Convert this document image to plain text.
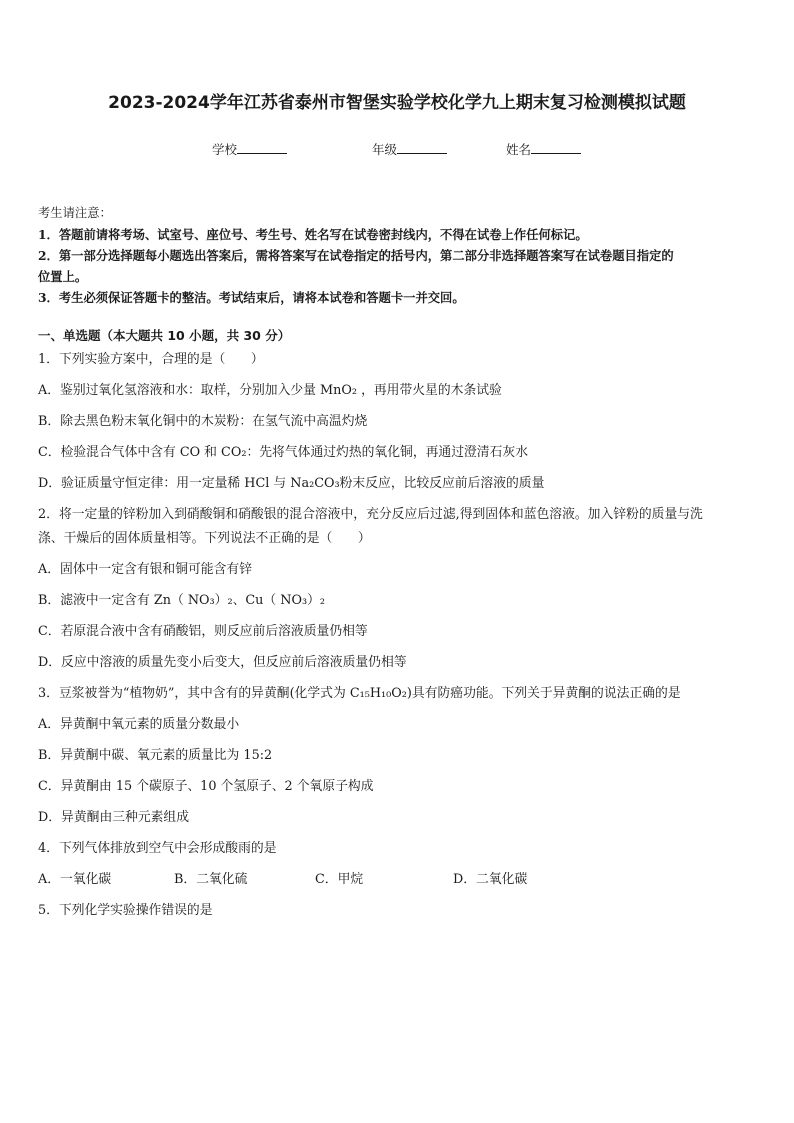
2023-2024学年江苏省泰州市智堡实验学校化学九上期末复习检测模拟试题
学校	年级	姓名
考生请注意：
1．答题前请将考场、试室号、座位号、考生号、姓名写在试卷密封线内，不得在试卷上作任何标记。
2．第一部分选择题每小题选出答案后，需将答案写在试卷指定的括号内，第二部分非选择题答案写在试卷题目指定的
位置上。
3．考生必须保证答题卡的整洁。考试结束后，请将本试卷和答题卡一并交回。
一、单选题（本大题共 10 小题，共 30 分）
1．下列实验方案中，合理的是（　　）
A．鉴别过氧化氢溶液和水：取样，分别加入少量 MnO₂ ，再用带火星的木条试验
B．除去黑色粉末氧化铜中的木炭粉：在氢气流中高温灼烧
C．检验混合气体中含有 CO 和 CO₂：先将气体通过灼热的氧化铜，再通过澄清石灰水
D．验证质量守恒定律：用一定量稀 HCl 与 Na₂CO₃粉末反应，比较反应前后溶液的质量
2．将一定量的锌粉加入到硝酸铜和硝酸银的混合溶液中，充分反应后过滤,得到固体和蓝色溶液。加入锌粉的质量与洗
涤、干燥后的固体质量相等。下列说法不正确的是（　　）
A．固体中一定含有银和铜可能含有锌
B．滤液中一定含有 Zn（ NO₃）₂、Cu（ NO₃）₂
C．若原混合液中含有硝酸铝，则反应前后溶液质量仍相等
D．反应中溶液的质量先变小后变大，但反应前后溶液质量仍相等
3．豆浆被誉为“植物奶”，其中含有的异黄酮(化学式为 C₁₅H₁₀O₂)具有防癌功能。下列关于异黄酮的说法正确的是
A．异黄酮中氧元素的质量分数最小
B．异黄酮中碳、氧元素的质量比为 15:2
C．异黄酮由 15 个碳原子、10 个氢原子、2 个氧原子构成
D．异黄酮由三种元素组成
4．下列气体排放到空气中会形成酸雨的是
A．一氧化碳	B．二氧化硫	C．甲烷	D．二氧化碳
5．下列化学实验操作错误的是
